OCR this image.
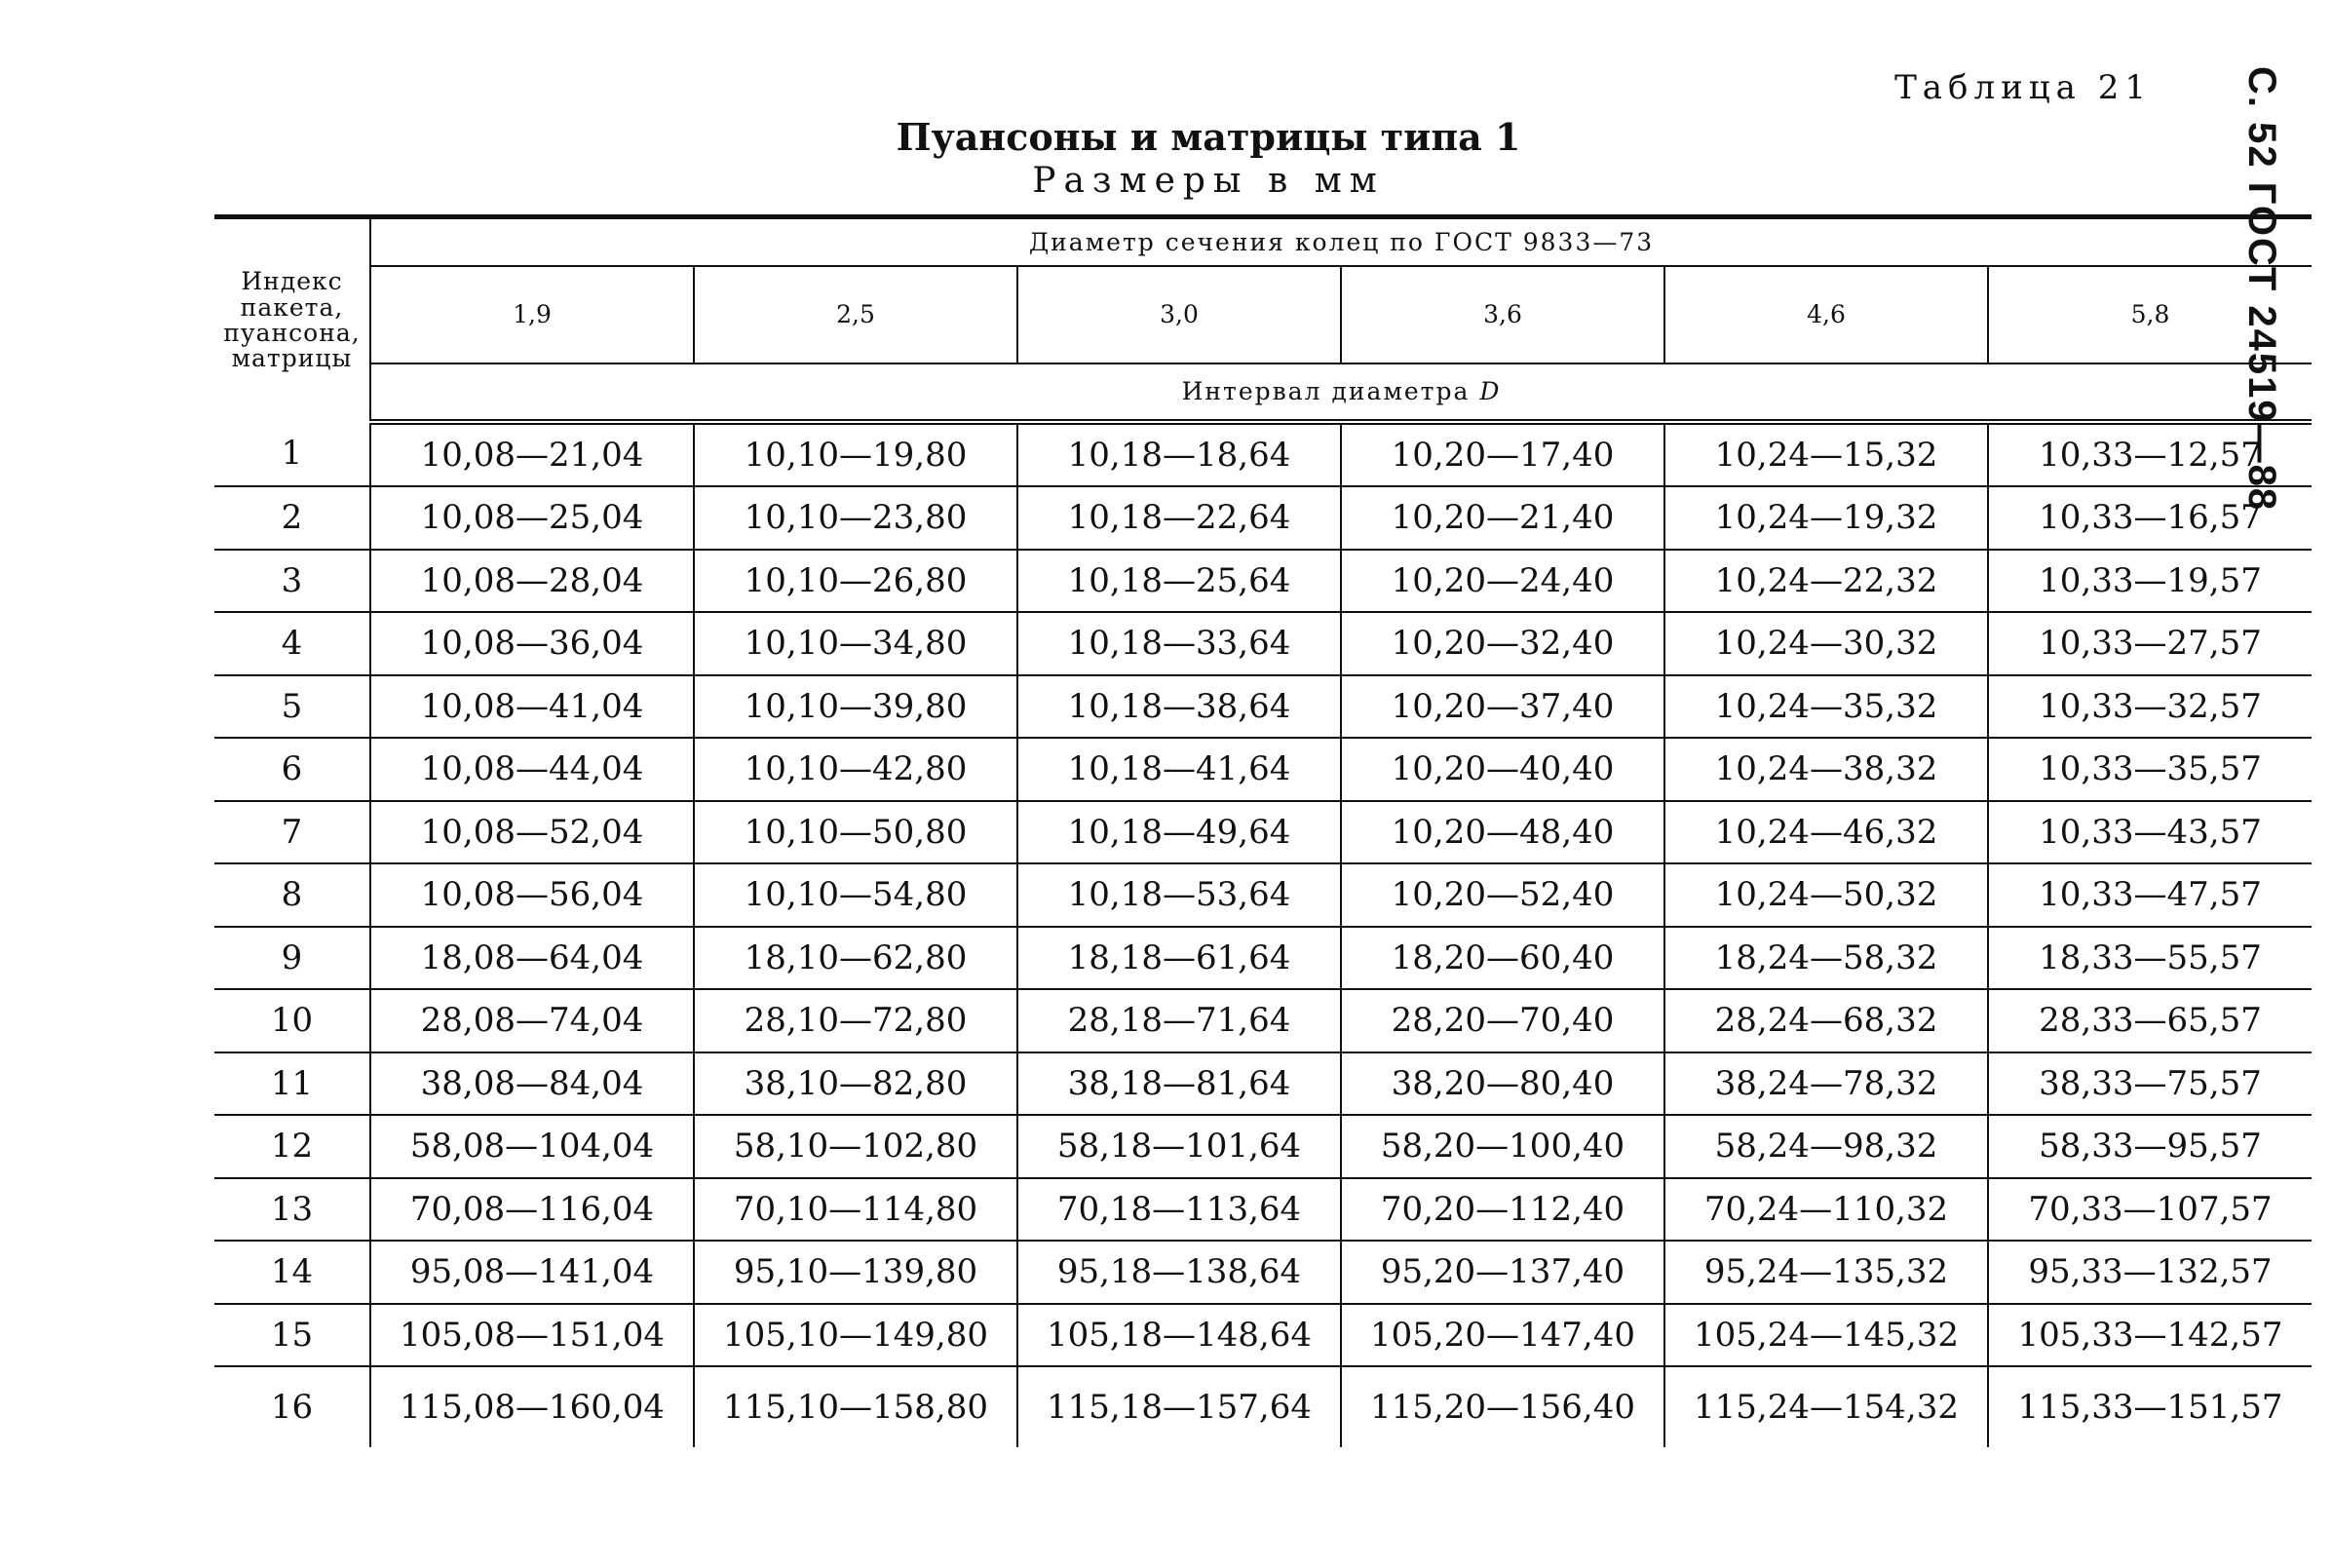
С. 52 ГОСТ 24519—88
Таблица 21
Пуансоны и матрицы типа 1
Размеры в мм
Индекс
пакета,
пуансона,
матрицы	Диаметр сечения колец по ГОСТ 9833—73					
	1,9	2,5	3,0	3,6	4,6	5,8
	Интервал диаметра D					
1	10,08—21,04	10,10—19,80	10,18—18,64	10,20—17,40	10,24—15,32	10,33—12,57
2	10,08—25,04	10,10—23,80	10,18—22,64	10,20—21,40	10,24—19,32	10,33—16,57
3	10,08—28,04	10,10—26,80	10,18—25,64	10,20—24,40	10,24—22,32	10,33—19,57
4	10,08—36,04	10,10—34,80	10,18—33,64	10,20—32,40	10,24—30,32	10,33—27,57
5	10,08—41,04	10,10—39,80	10,18—38,64	10,20—37,40	10,24—35,32	10,33—32,57
6	10,08—44,04	10,10—42,80	10,18—41,64	10,20—40,40	10,24—38,32	10,33—35,57
7	10,08—52,04	10,10—50,80	10,18—49,64	10,20—48,40	10,24—46,32	10,33—43,57
8	10,08—56,04	10,10—54,80	10,18—53,64	10,20—52,40	10,24—50,32	10,33—47,57
9	18,08—64,04	18,10—62,80	18,18—61,64	18,20—60,40	18,24—58,32	18,33—55,57
10	28,08—74,04	28,10—72,80	28,18—71,64	28,20—70,40	28,24—68,32	28,33—65,57
11	38,08—84,04	38,10—82,80	38,18—81,64	38,20—80,40	38,24—78,32	38,33—75,57
12	58,08—104,04	58,10—102,80	58,18—101,64	58,20—100,40	58,24—98,32	58,33—95,57
13	70,08—116,04	70,10—114,80	70,18—113,64	70,20—112,40	70,24—110,32	70,33—107,57
14	95,08—141,04	95,10—139,80	95,18—138,64	95,20—137,40	95,24—135,32	95,33—132,57
15	105,08—151,04	105,10—149,80	105,18—148,64	105,20—147,40	105,24—145,32	105,33—142,57
16	115,08—160,04	115,10—158,80	115,18—157,64	115,20—156,40	115,24—154,32	115,33—151,57
